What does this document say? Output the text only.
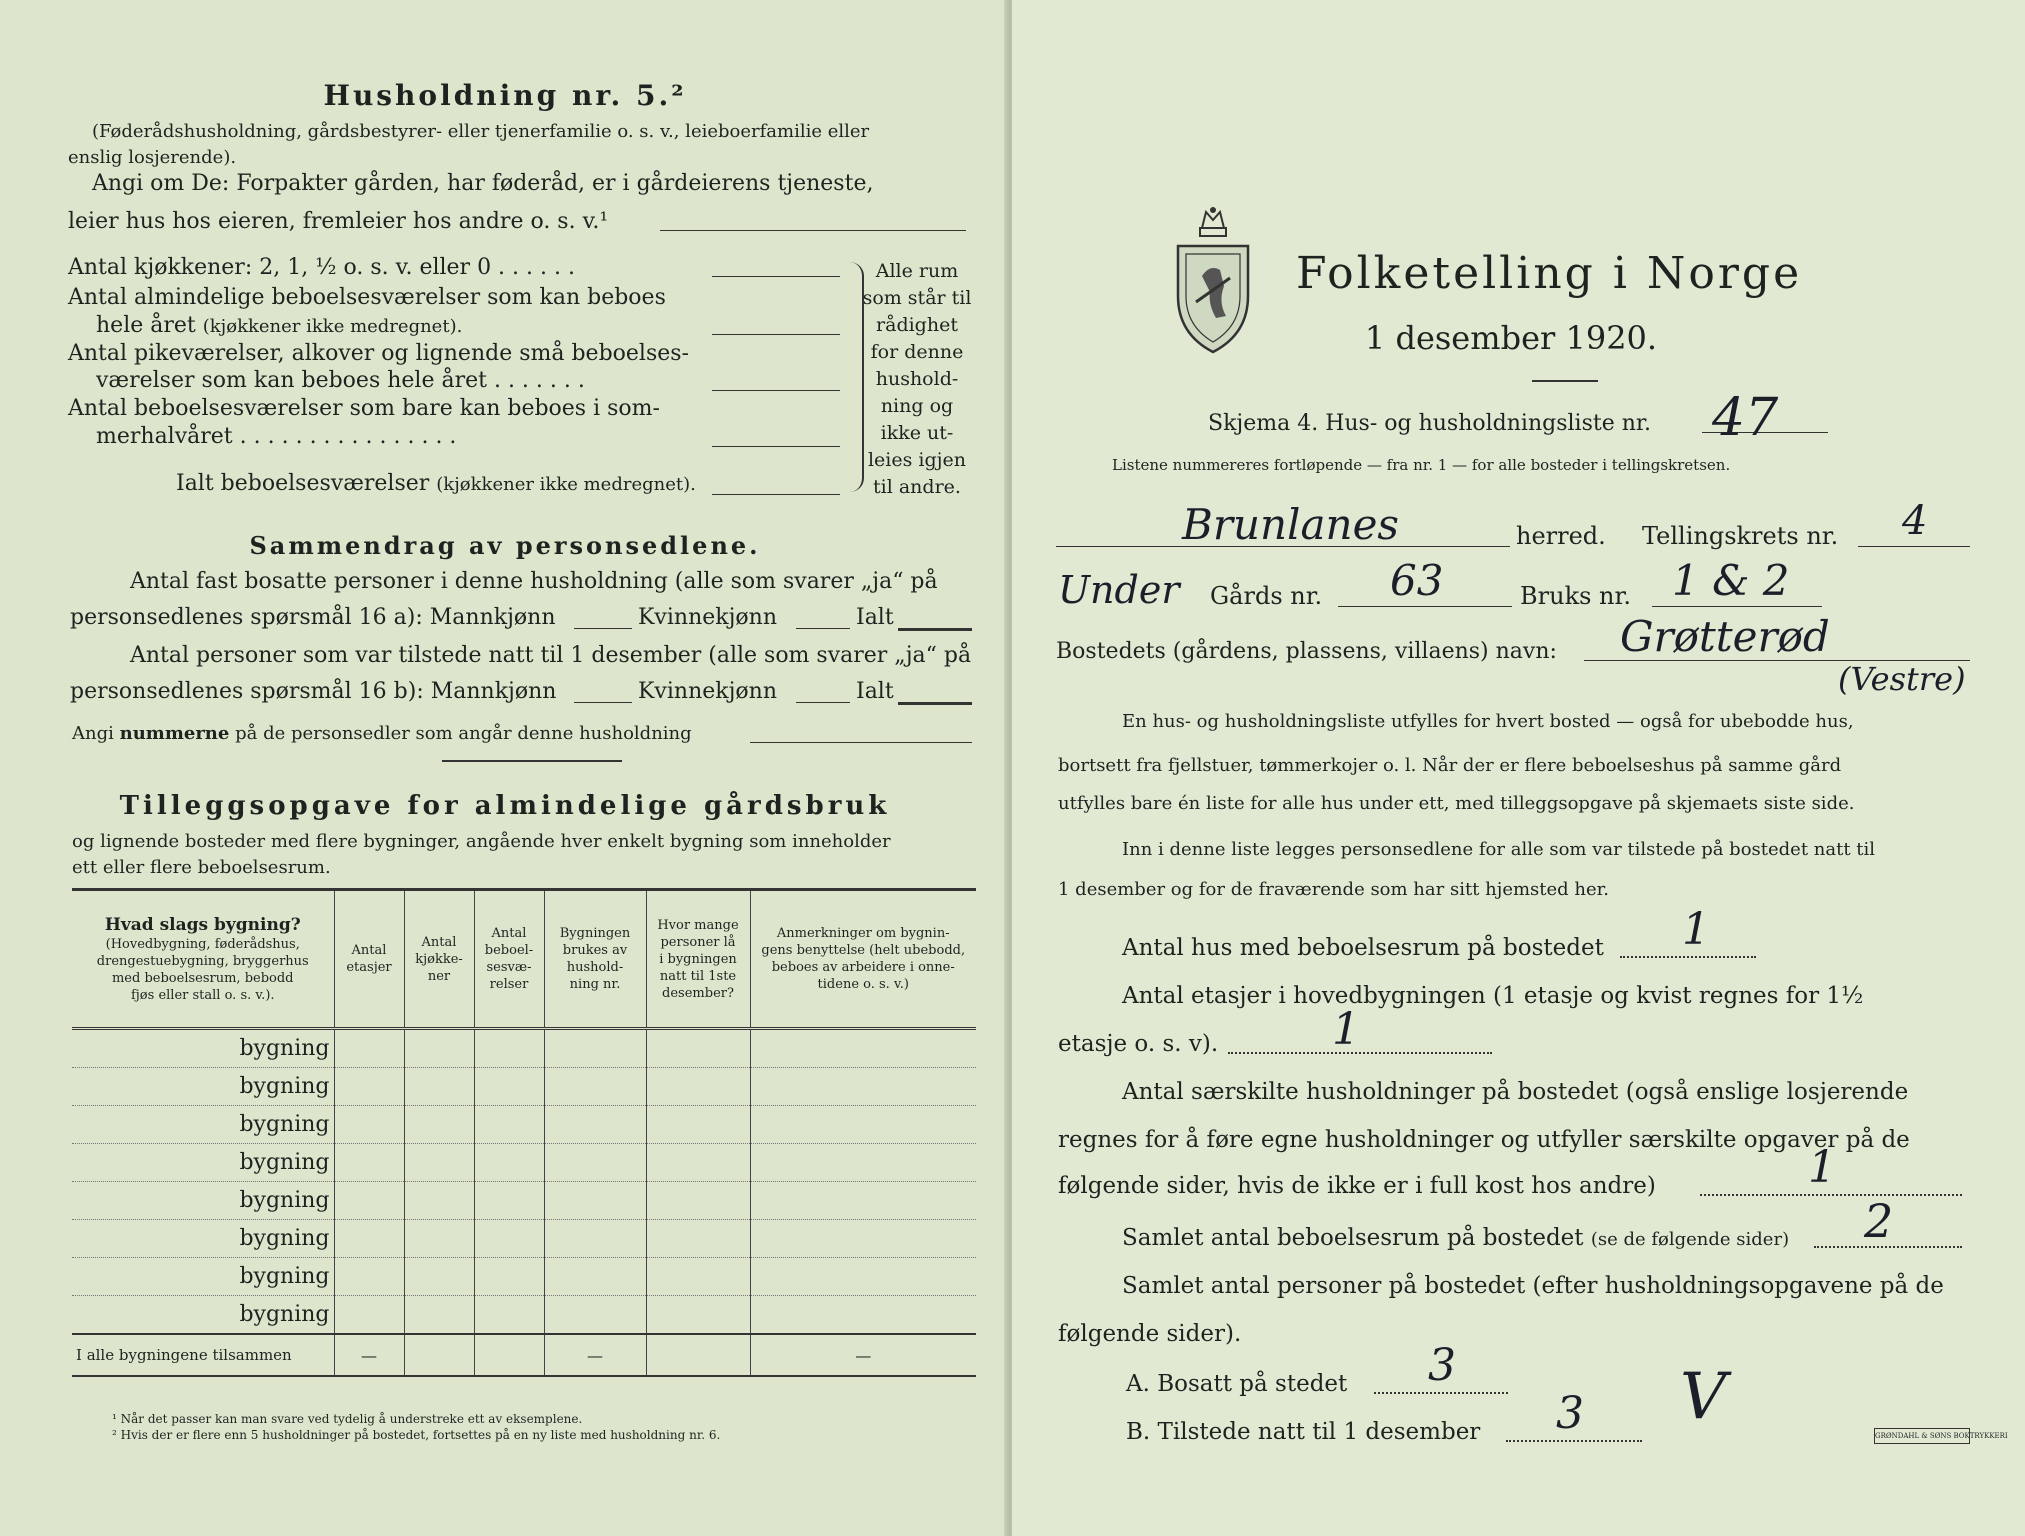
Husholdning nr. 5.²
(Føderådshusholdning, gårdsbestyrer- eller tjenerfamilie o. s. v., leieboerfamilie eller
enslig losjerende).
Angi om De: Forpakter gården, har føderåd, er i gårdeierens tjeneste,
leier hus hos eieren, fremleier hos andre o. s. v.¹
Antal kjøkkener: 2, 1, ½ o. s. v. eller 0 . . . . . .
Antal almindelige beboelsesværelser som kan beboes
hele året (kjøkkener ikke medregnet).
Antal pikeværelser, alkover og lignende små beboelses-
værelser som kan beboes hele året . . . . . . .
Antal beboelsesværelser som bare kan beboes i som-
merhalvåret . . . . . . . . . . . . . . . .
Ialt beboelsesværelser (kjøkkener ikke medregnet).
Alle rum
som står til
rådighet
for denne
hushold-
ning og
ikke ut-
leies igjen
til andre.
Sammendrag av personsedlene.
Antal fast bosatte personer i denne husholdning (alle som svarer „ja“ på
personsedlenes spørsmål 16 a): Mannkjønn	Kvinnekjønn	Ialt
Antal personer som var tilstede natt til 1 desember (alle som svarer „ja“ på
personsedlenes spørsmål 16 b): Mannkjønn	Kvinnekjønn	Ialt
Angi nummerne på de personsedler som angår denne husholdning
Tilleggsopgave for almindelige gårdsbruk
og lignende bosteder med flere bygninger, angående hver enkelt bygning som inneholder
ett eller flere beboelsesrum.
Hvad slags bygning?
(Hovedbygning, føderådshus,
drengestuebygning, bryggerhus
med beboelsesrum, bebodd
fjøs eller stall o. s. v.).	Antal
etasjer	Antal
kjøkke-
ner	Antal
beboel-
sesvæ-
relser	Bygningen
brukes av
hushold-
ning nr.	Hvor mange
personer lå
i bygningen
natt til 1ste
desember?	Anmerkninger om bygnin-
gens benyttelse (helt ubebodd,
beboes av arbeidere i onne-
tidene o. s. v.)

bygning						
bygning						
bygning						
bygning						
bygning						
bygning						
bygning						
bygning						
I alle bygningene tilsammen	—			—		—
¹ Når det passer kan man svare ved tydelig å understreke ett av eksemplene.
² Hvis der er flere enn 5 husholdninger på bostedet, fortsettes på en ny liste med husholdning nr. 6.
Folketelling i Norge
1 desember 1920.
Skjema 4. Hus- og husholdningsliste nr. 47
Listene nummereres fortløpende — fra nr. 1 — for alle bosteder i tellingskretsen.
Brunlanes	herred. Tellingskrets nr. 4
Under Gårds nr. 63	Bruks nr. 1 & 2
Bostedets (gårdens, plassens, villaens) navn: Grøtterød
(Vestre)
En hus- og husholdningsliste utfylles for hvert bosted — også for ubebodde hus,
bortsett fra fjellstuer, tømmerkojer o. l. Når der er flere beboelseshus på samme gård
utfylles bare én liste for alle hus under ett, med tilleggsopgave på skjemaets siste side.
Inn i denne liste legges personsedlene for alle som var tilstede på bostedet natt til
1 desember og for de fraværende som har sitt hjemsted her.
Antal hus med beboelsesrum på bostedet 1
Antal etasjer i hovedbygningen (1 etasje og kvist regnes for 1½
etasje o. s. v).	1
Antal særskilte husholdninger på bostedet (også enslige losjerende
regnes for å føre egne husholdninger og utfyller særskilte opgaver på de
følgende sider, hvis de ikke er i full kost hos andre)	1
Samlet antal beboelsesrum på bostedet (se de følgende sider) 2
Samlet antal personer på bostedet (efter husholdningsopgavene på de
følgende sider).
A. Bosatt på stedet 3
B. Tilstede natt til 1 desember 3 V
GRØNDAHL & SØNS BOKTRYKKERI
